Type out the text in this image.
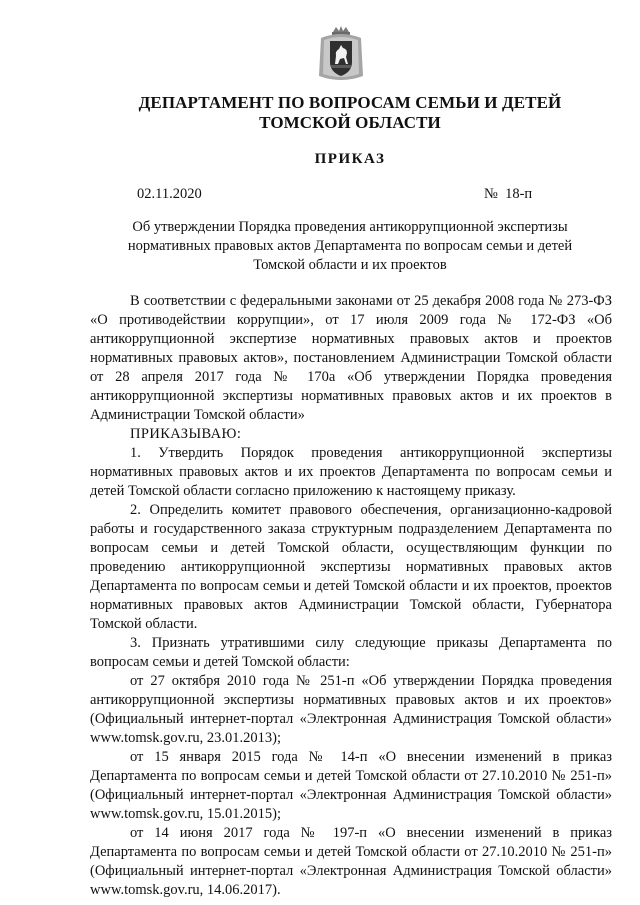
ДЕПАРТАМЕНТ ПО ВОПРОСАМ СЕМЬИ И ДЕТЕЙ
ТОМСКОЙ ОБЛАСТИ
ПРИКАЗ
02.11.2020	№  18-п
Об утверждении Порядка проведения антикоррупционной экспертизы
нормативных правовых актов Департамента по вопросам семьи и детей
Томской области и их проектов

В соответствии с федеральными законами от 25 декабря 2008 года № 273-ФЗ «О противодействии коррупции», от 17 июля 2009 года № 172-ФЗ «Об антикоррупционной экспертизе нормативных правовых актов и проектов нормативных правовых актов», постановлением Администрации Томской области от 28 апреля 2017 года № 170а «Об утверждении Порядка проведения антикоррупционной экспертизы нормативных правовых актов и их проектов в Администрации Томской области»

ПРИКАЗЫВАЮ:

1. Утвердить Порядок проведения антикоррупционной экспертизы нормативных правовых актов и их проектов Департамента по вопросам семьи и детей Томской области согласно приложению к настоящему приказу.

2. Определить комитет правового обеспечения, организационно-кадровой работы и государственного заказа структурным подразделением Департамента по вопросам семьи и детей Томской области, осуществляющим функции по проведению антикоррупционной экспертизы нормативных правовых актов Департамента по вопросам семьи и детей Томской области и их проектов, проектов нормативных правовых актов Администрации Томской области, Губернатора Томской области.

3. Признать утратившими силу следующие приказы Департамента по вопросам семьи и детей Томской области:

от 27 октября 2010 года № 251-п «Об утверждении Порядка проведения антикоррупционной экспертизы нормативных правовых актов и их проектов» (Официальный интернет-портал «Электронная Администрация Томской области» www.tomsk.gov.ru, 23.01.2013);

от 15 января 2015 года № 14-п «О внесении изменений в приказ Департамента по вопросам семьи и детей Томской области от 27.10.2010 № 251-п» (Официальный интернет-портал «Электронная Администрация Томской области» www.tomsk.gov.ru, 15.01.2015);

от 14 июня 2017 года № 197-п «О внесении изменений в приказ Департамента по вопросам семьи и детей Томской области от 27.10.2010 № 251-п» (Официальный интернет-портал «Электронная Администрация Томской области» www.tomsk.gov.ru, 14.06.2017).
